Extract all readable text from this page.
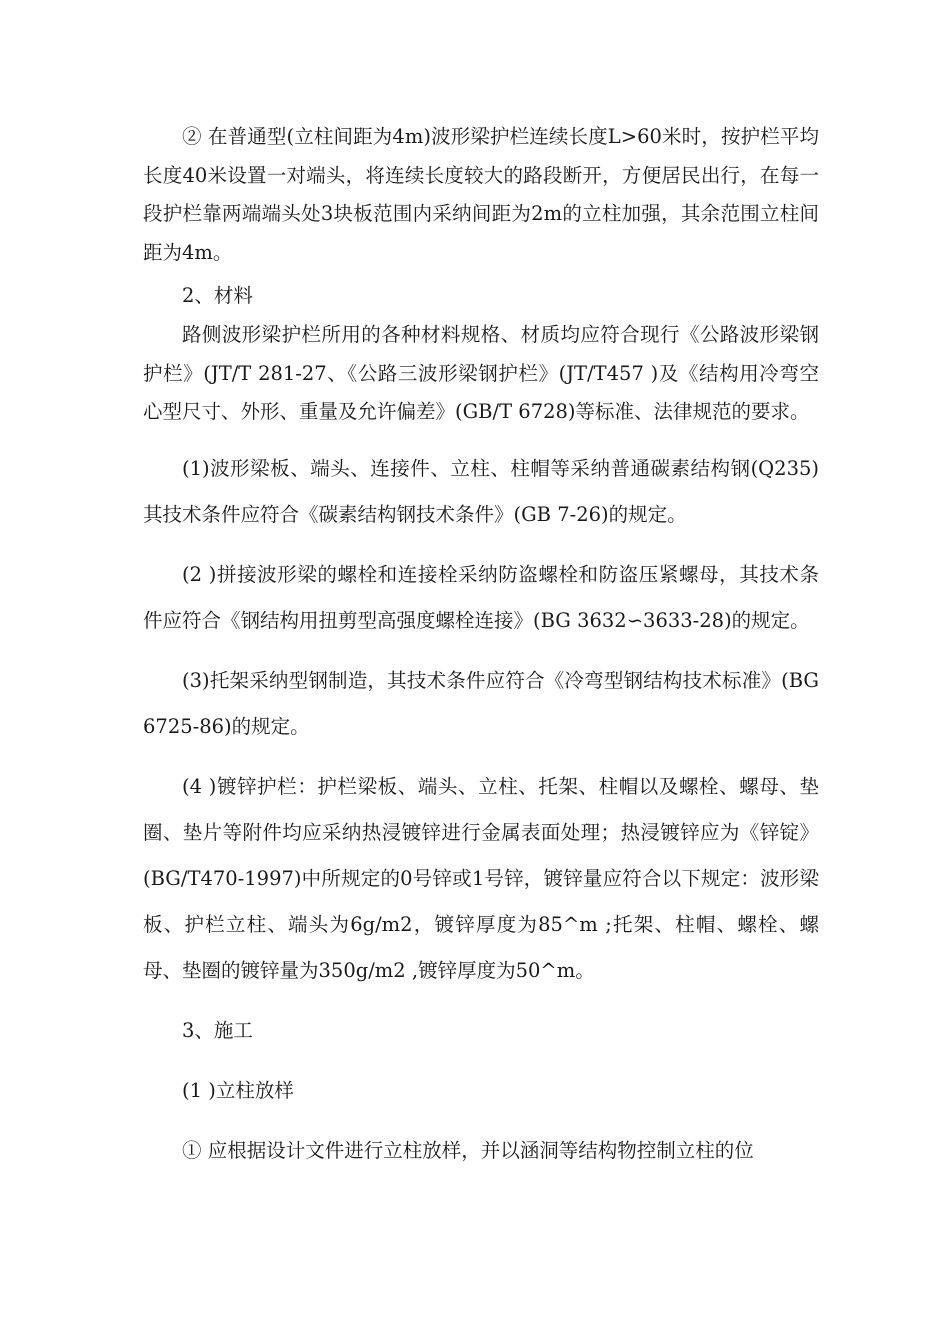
② 在普通型(立柱间距为4m)波形梁护栏连续长度L>60米时，按护栏平均长度40米设置一对端头，将连续长度较大的路段断开，方便居民出行，在每一段护栏靠两端端头处3块板范围内采纳间距为2m的立柱加强，其余范围立柱间距为4m。

2、材料

路侧波形梁护栏所用的各种材料规格、材质均应符合现行《公路波形梁钢护栏》(JT/T 281-27、《公路三波形梁钢护栏》(JT/T457 )及《结构用冷弯空心型尺寸、外形、重量及允许偏差》(GB/T 6728)等标准、法律规范的要求。

(1)波形梁板、端头、连接件、立柱、柱帽等采纳普通碳素结构钢(Q235)其技术条件应符合《碳素结构钢技术条件》(GB 7-26)的规定。

(2 )拼接波形梁的螺栓和连接栓采纳防盗螺栓和防盗压紧螺母，其技术条件应符合《钢结构用扭剪型高强度螺栓连接》(BG 3632∽3633-28)的规定。

(3)托架采纳型钢制造，其技术条件应符合《冷弯型钢结构技术标准》(BG6725-86)的规定。

(4 )镀锌护栏：护栏梁板、端头、立柱、托架、柱帽以及螺栓、螺母、垫圈、垫片等附件均应采纳热浸镀锌进行金属表面处理；热浸镀锌应为《锌锭》(BG/T470-1997)中所规定的0号锌或1号锌，镀锌量应符合以下规定：波形梁板、护栏立柱、端头为6g/m2，镀锌厚度为85^m ;托架、柱帽、螺栓、螺母、垫圈的镀锌量为350g/m2 ,镀锌厚度为50^m。

3、施工

(1 )立柱放样

① 应根据设计文件进行立柱放样，并以涵洞等结构物控制立柱的位
